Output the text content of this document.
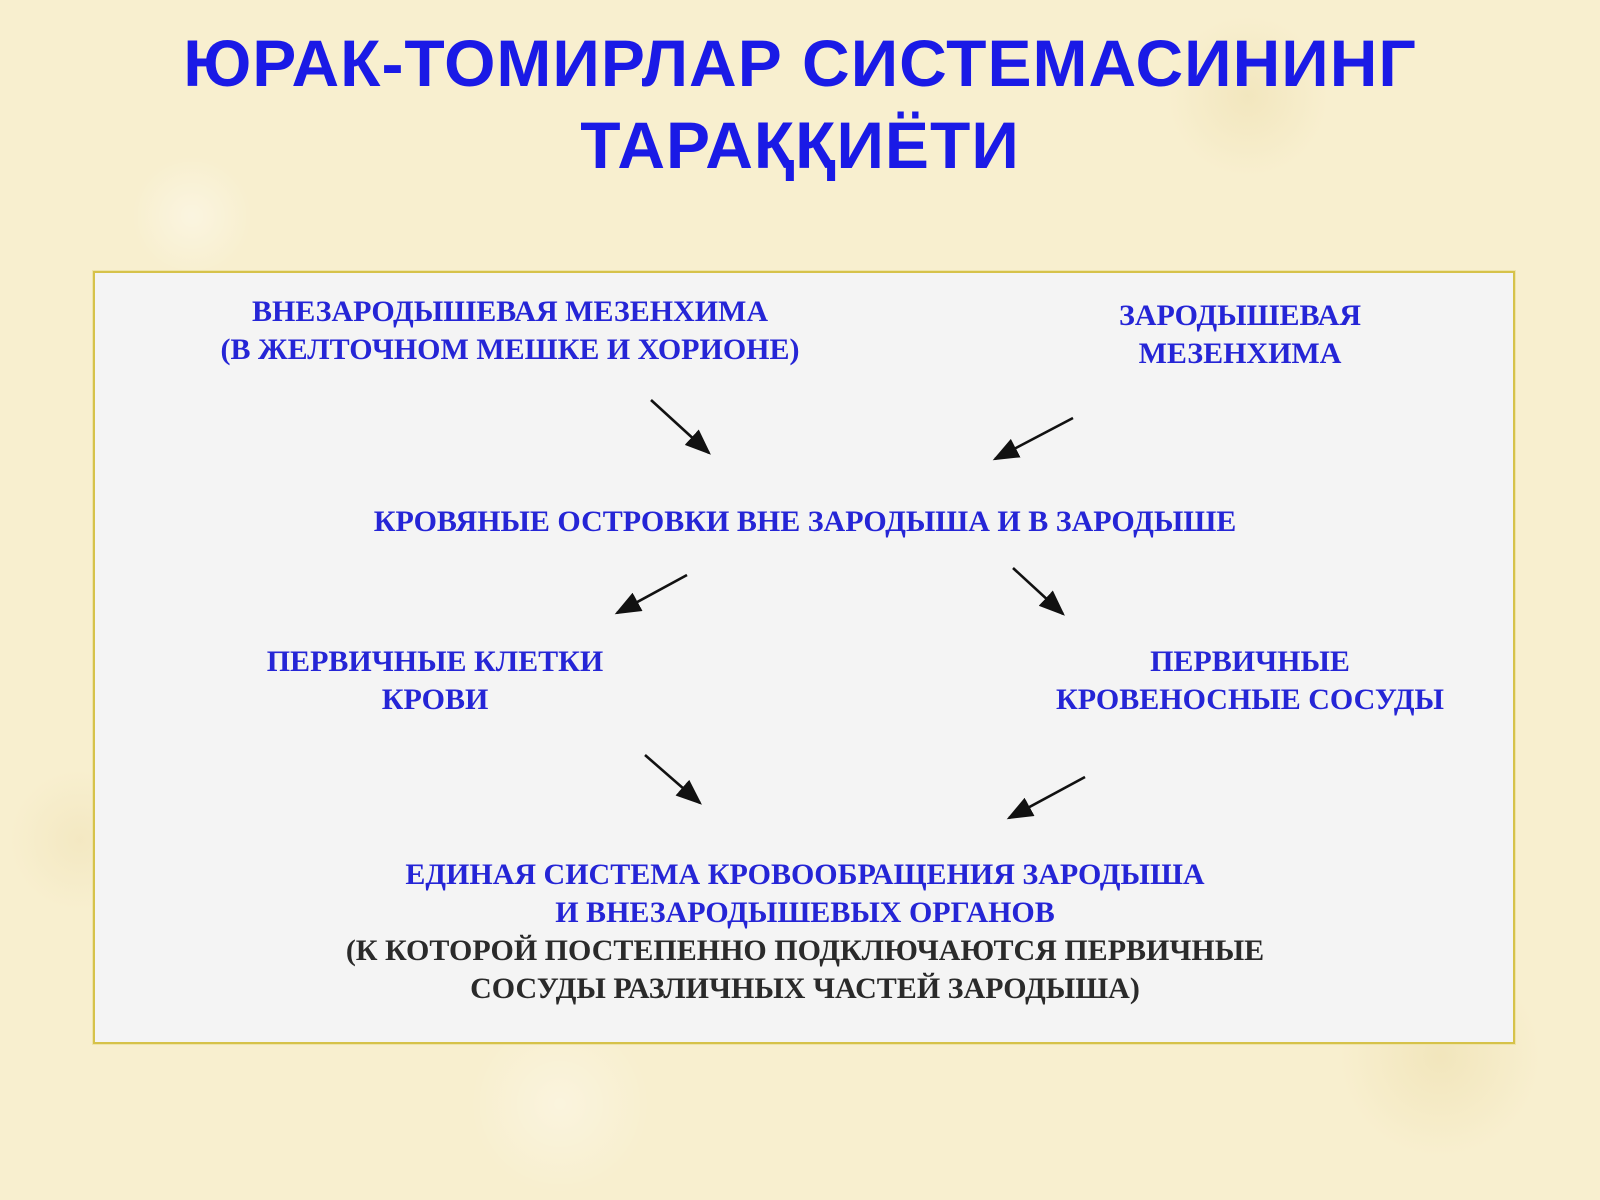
ЮРАК-ТОМИРЛАР СИСТЕМАСИНИНГ
ТАРАҚҚИЁТИ

ВНЕЗАРОДЫШЕВАЯ МЕЗЕНХИМА
(В ЖЕЛТОЧНОМ МЕШКЕ И ХОРИОНЕ)

ЗАРОДЫШЕВАЯ
МЕЗЕНХИМА

КРОВЯНЫЕ ОСТРОВКИ ВНЕ ЗАРОДЫША И В ЗАРОДЫШЕ

ПЕРВИЧНЫЕ КЛЕТКИ
КРОВИ

ПЕРВИЧНЫЕ
КРОВЕНОСНЫЕ СОСУДЫ

ЕДИНАЯ СИСТЕМА КРОВООБРАЩЕНИЯ ЗАРОДЫША
И ВНЕЗАРОДЫШЕВЫХ ОРГАНОВ
(К КОТОРОЙ ПОСТЕПЕННО ПОДКЛЮЧАЮТСЯ ПЕРВИЧНЫЕ
СОСУДЫ РАЗЛИЧНЫХ ЧАСТЕЙ ЗАРОДЫША)
